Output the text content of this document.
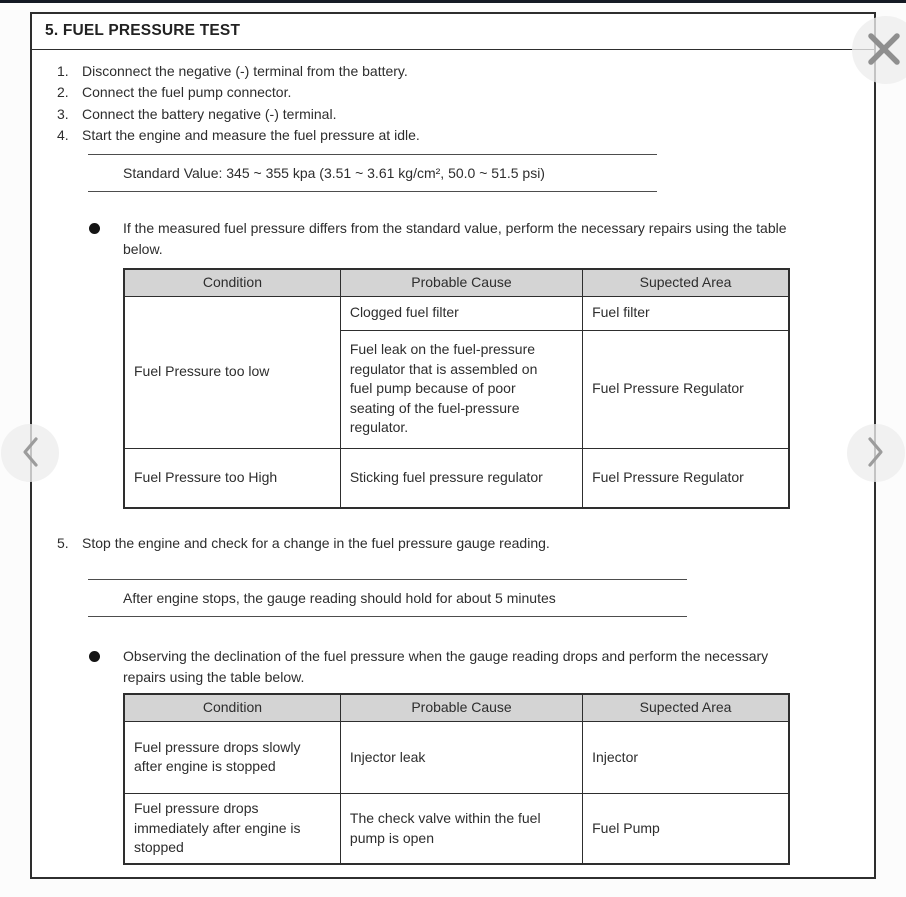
5. FUEL PRESSURE TEST
1. Disconnect the negative (-) terminal from the battery.
2. Connect the fuel pump connector.
3. Connect the battery negative (-) terminal.
4. Start the engine and measure the fuel pressure at idle.
Standard Value: 345 ~ 355 kpa (3.51 ~ 3.61 kg/cm², 50.0 ~ 51.5 psi)
If the measured fuel pressure differs from the standard value, perform the necessary repairs using the table below.
Condition	Probable Cause	Supected Area
Fuel Pressure too low	Clogged fuel filter	Fuel filter
	Fuel leak on the fuel-pressure regulator that is assembled on fuel pump because of poor seating of the fuel-pressure regulator.	Fuel Pressure Regulator
Fuel Pressure too High	Sticking fuel pressure regulator	Fuel Pressure Regulator
5. Stop the engine and check for a change in the fuel pressure gauge reading.
After engine stops, the gauge reading should hold for about 5 minutes
Observing the declination of the fuel pressure when the gauge reading drops and perform the necessary repairs using the table below.
Condition	Probable Cause	Supected Area
Fuel pressure drops slowly after engine is stopped	Injector leak	Injector
Fuel pressure drops immediately after engine is stopped	The check valve within the fuel pump is open	Fuel Pump
